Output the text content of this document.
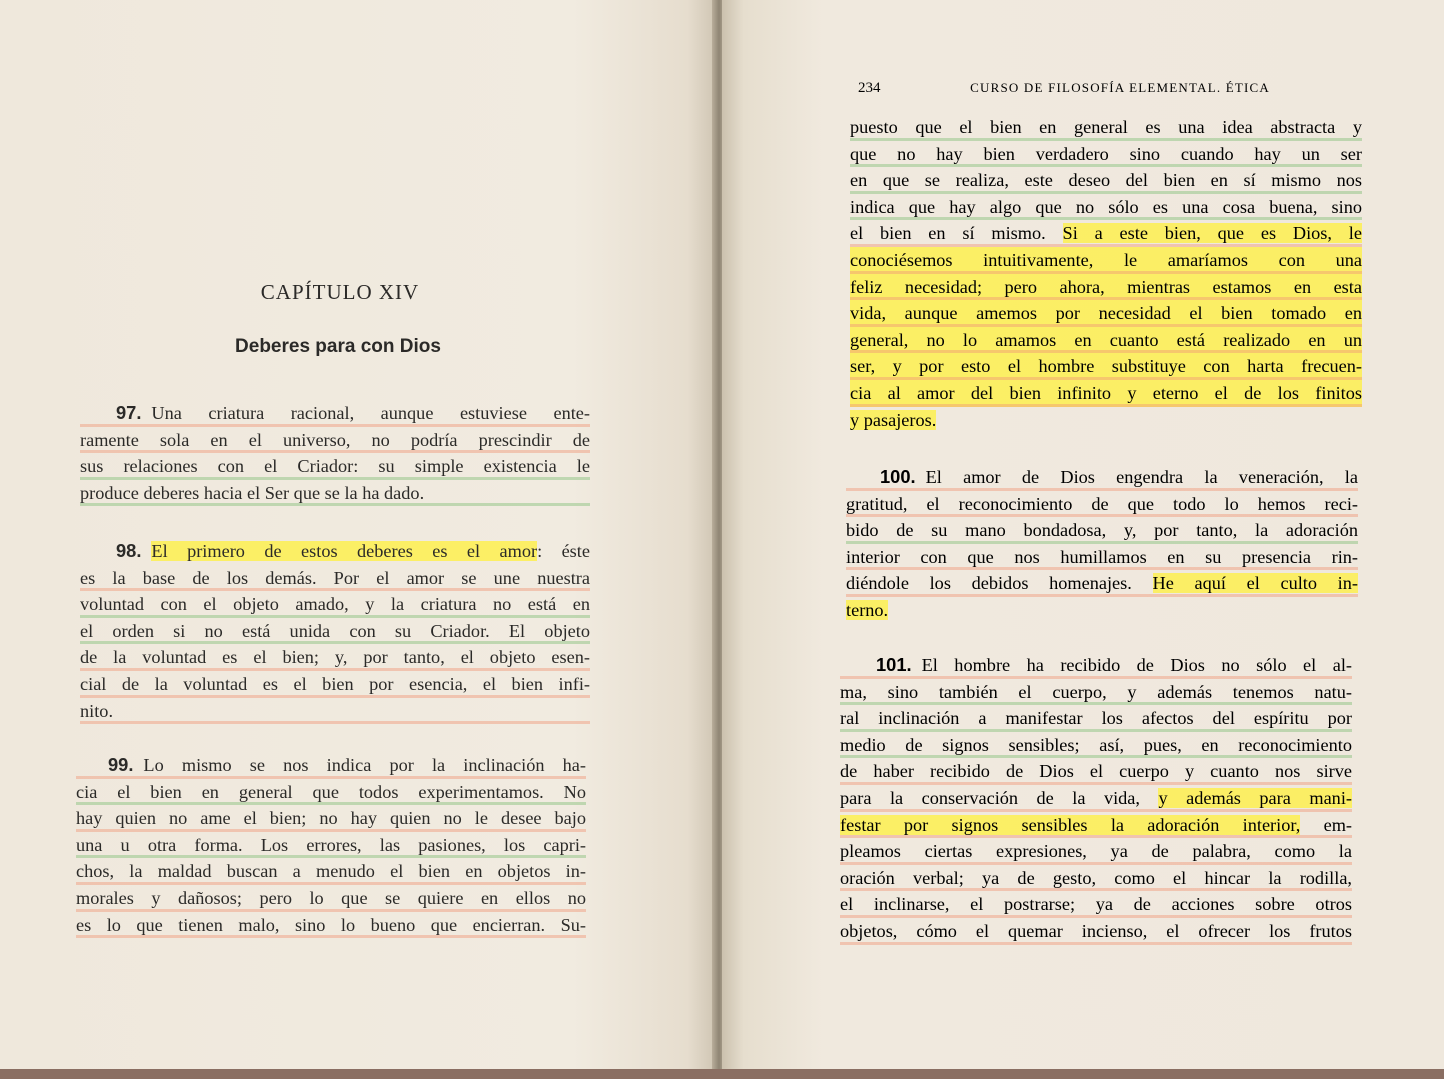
CAPÍTULO XIV
Deberes para con Dios
97. Una criatura racional, aunque estuviese ente-
ramente sola en el universo, no podría prescindir de
sus relaciones con el Criador: su simple existencia le
produce deberes hacia el Ser que se la ha dado.
98. El primero de estos deberes es el amor: éste
es la base de los demás. Por el amor se une nuestra
voluntad con el objeto amado, y la criatura no está en
el orden si no está unida con su Criador. El objeto
de la voluntad es el bien; y, por tanto, el objeto esen-
cial de la voluntad es el bien por esencia, el bien infi-
nito.
99. Lo mismo se nos indica por la inclinación ha-
cia el bien en general que todos experimentamos. No
hay quien no ame el bien; no hay quien no le desee bajo
una u otra forma. Los errores, las pasiones, los capri-
chos, la maldad buscan a menudo el bien en objetos in-
morales y dañosos; pero lo que se quiere en ellos no
es lo que tienen malo, sino lo bueno que encierran. Su-
234	CURSO DE FILOSOFÍA ELEMENTAL. ÉTICA
puesto que el bien en general es una idea abstracta y
que no hay bien verdadero sino cuando hay un ser
en que se realiza, este deseo del bien en sí mismo nos
indica que hay algo que no sólo es una cosa buena, sino
el bien en sí mismo. Si a este bien, que es Dios, le
conociésemos intuitivamente, le amaríamos con una
feliz necesidad; pero ahora, mientras estamos en esta
vida, aunque amemos por necesidad el bien tomado en
general, no lo amamos en cuanto está realizado en un
ser, y por esto el hombre substituye con harta frecuen-
cia al amor del bien infinito y eterno el de los finitos
y pasajeros.
100. El amor de Dios engendra la veneración, la
gratitud, el reconocimiento de que todo lo hemos reci-
bido de su mano bondadosa, y, por tanto, la adoración
interior con que nos humillamos en su presencia rin-
diéndole los debidos homenajes. He aquí el culto in-
terno.
101. El hombre ha recibido de Dios no sólo el al-
ma, sino también el cuerpo, y además tenemos natu-
ral inclinación a manifestar los afectos del espíritu por
medio de signos sensibles; así, pues, en reconocimiento
de haber recibido de Dios el cuerpo y cuanto nos sirve
para la conservación de la vida, y además para mani-
festar por signos sensibles la adoración interior, em-
pleamos ciertas expresiones, ya de palabra, como la
oración verbal; ya de gesto, como el hincar la rodilla,
el inclinarse, el postrarse; ya de acciones sobre otros
objetos, cómo el quemar incienso, el ofrecer los frutos
